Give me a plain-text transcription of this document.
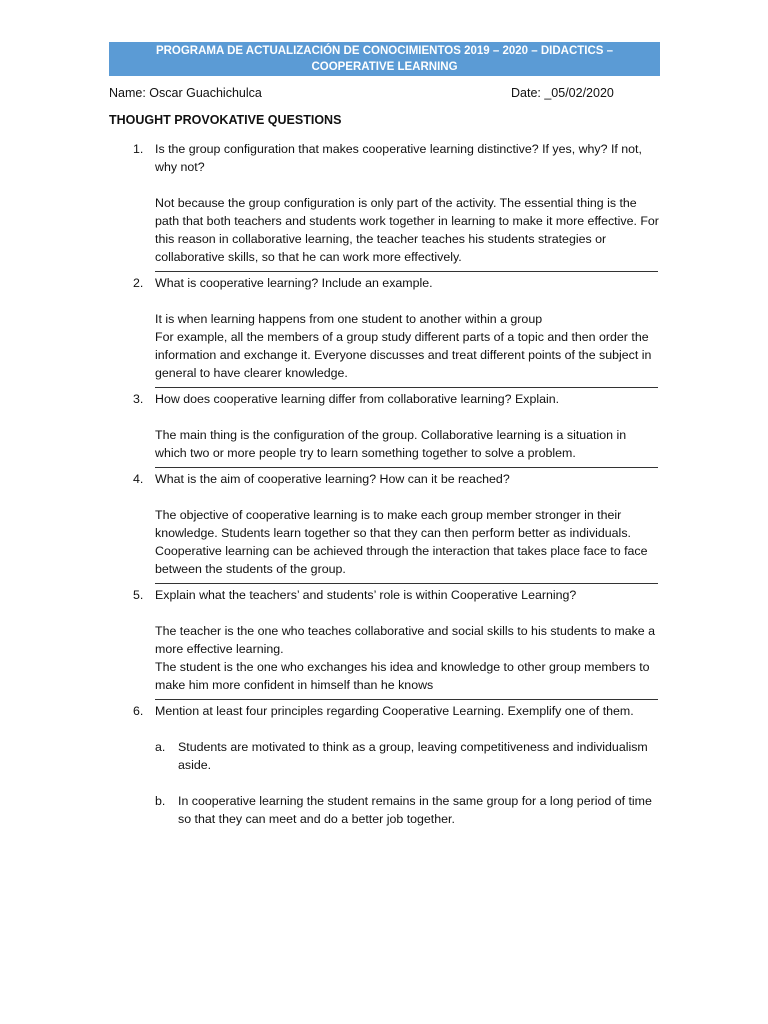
PROGRAMA DE ACTUALIZACIÓN DE CONOCIMIENTOS 2019 – 2020 – DIDACTICS –
COOPERATIVE LEARNING
Name: Oscar Guachichulca	Date: _05/02/2020
THOUGHT PROVOKATIVE QUESTIONS
1. Is the group configuration that makes cooperative learning distinctive? If yes, why? If not, why not?

Not because the group configuration is only part of the activity. The essential thing is the path that both teachers and students work together in learning to make it more effective. For this reason in collaborative learning, the teacher teaches his students strategies or collaborative skills, so that he can work more effectively.

2. What is cooperative learning? Include an example.

It is when learning happens from one student to another within a group

For example, all the members of a group study different parts of a topic and then order the information and exchange it. Everyone discusses and treat different points of the subject in general to have clearer knowledge.

3. How does cooperative learning differ from collaborative learning? Explain.

The main thing is the configuration of the group. Collaborative learning is a situation in which two or more people try to learn something together to solve a problem.

4. What is the aim of cooperative learning? How can it be reached?

The objective of cooperative learning is to make each group member stronger in their knowledge. Students learn together so that they can then perform better as individuals. Cooperative learning can be achieved through the interaction that takes place face to face between the students of the group.

5. Explain what the teachers’ and students’ role is within Cooperative Learning?

The teacher is the one who teaches collaborative and social skills to his students to make a more effective learning.

The student is the one who exchanges his idea and knowledge to other group members to make him more confident in himself than he knows

6. Mention at least four principles regarding Cooperative Learning. Exemplify one of them.
a. Students are motivated to think as a group, leaving competitiveness and individualism aside.
b. In cooperative learning the student remains in the same group for a long period of time so that they can meet and do a better job together.
